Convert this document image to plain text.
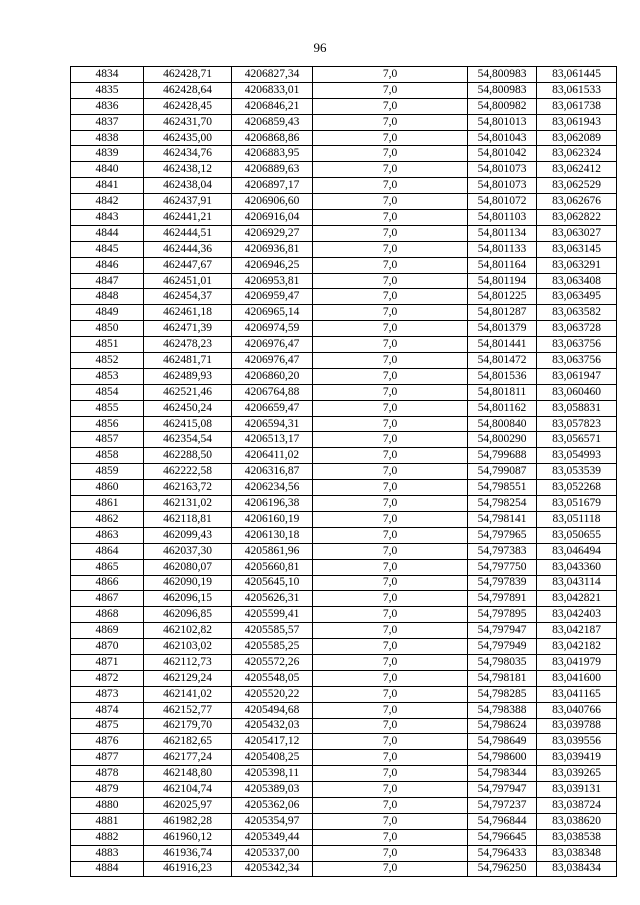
96
4834	462428,71	4206827,34	7,0	54,800983	83,061445
4835	462428,64	4206833,01	7,0	54,800983	83,061533
4836	462428,45	4206846,21	7,0	54,800982	83,061738
4837	462431,70	4206859,43	7,0	54,801013	83,061943
4838	462435,00	4206868,86	7,0	54,801043	83,062089
4839	462434,76	4206883,95	7,0	54,801042	83,062324
4840	462438,12	4206889,63	7,0	54,801073	83,062412
4841	462438,04	4206897,17	7,0	54,801073	83,062529
4842	462437,91	4206906,60	7,0	54,801072	83,062676
4843	462441,21	4206916,04	7,0	54,801103	83,062822
4844	462444,51	4206929,27	7,0	54,801134	83,063027
4845	462444,36	4206936,81	7,0	54,801133	83,063145
4846	462447,67	4206946,25	7,0	54,801164	83,063291
4847	462451,01	4206953,81	7,0	54,801194	83,063408
4848	462454,37	4206959,47	7,0	54,801225	83,063495
4849	462461,18	4206965,14	7,0	54,801287	83,063582
4850	462471,39	4206974,59	7,0	54,801379	83,063728
4851	462478,23	4206976,47	7,0	54,801441	83,063756
4852	462481,71	4206976,47	7,0	54,801472	83,063756
4853	462489,93	4206860,20	7,0	54,801536	83,061947
4854	462521,46	4206764,88	7,0	54,801811	83,060460
4855	462450,24	4206659,47	7,0	54,801162	83,058831
4856	462415,08	4206594,31	7,0	54,800840	83,057823
4857	462354,54	4206513,17	7,0	54,800290	83,056571
4858	462288,50	4206411,02	7,0	54,799688	83,054993
4859	462222,58	4206316,87	7,0	54,799087	83,053539
4860	462163,72	4206234,56	7,0	54,798551	83,052268
4861	462131,02	4206196,38	7,0	54,798254	83,051679
4862	462118,81	4206160,19	7,0	54,798141	83,051118
4863	462099,43	4206130,18	7,0	54,797965	83,050655
4864	462037,30	4205861,96	7,0	54,797383	83,046494
4865	462080,07	4205660,81	7,0	54,797750	83,043360
4866	462090,19	4205645,10	7,0	54,797839	83,043114
4867	462096,15	4205626,31	7,0	54,797891	83,042821
4868	462096,85	4205599,41	7,0	54,797895	83,042403
4869	462102,82	4205585,57	7,0	54,797947	83,042187
4870	462103,02	4205585,25	7,0	54,797949	83,042182
4871	462112,73	4205572,26	7,0	54,798035	83,041979
4872	462129,24	4205548,05	7,0	54,798181	83,041600
4873	462141,02	4205520,22	7,0	54,798285	83,041165
4874	462152,77	4205494,68	7,0	54,798388	83,040766
4875	462179,70	4205432,03	7,0	54,798624	83,039788
4876	462182,65	4205417,12	7,0	54,798649	83,039556
4877	462177,24	4205408,25	7,0	54,798600	83,039419
4878	462148,80	4205398,11	7,0	54,798344	83,039265
4879	462104,74	4205389,03	7,0	54,797947	83,039131
4880	462025,97	4205362,06	7,0	54,797237	83,038724
4881	461982,28	4205354,97	7,0	54,796844	83,038620
4882	461960,12	4205349,44	7,0	54,796645	83,038538
4883	461936,74	4205337,00	7,0	54,796433	83,038348
4884	461916,23	4205342,34	7,0	54,796250	83,038434
